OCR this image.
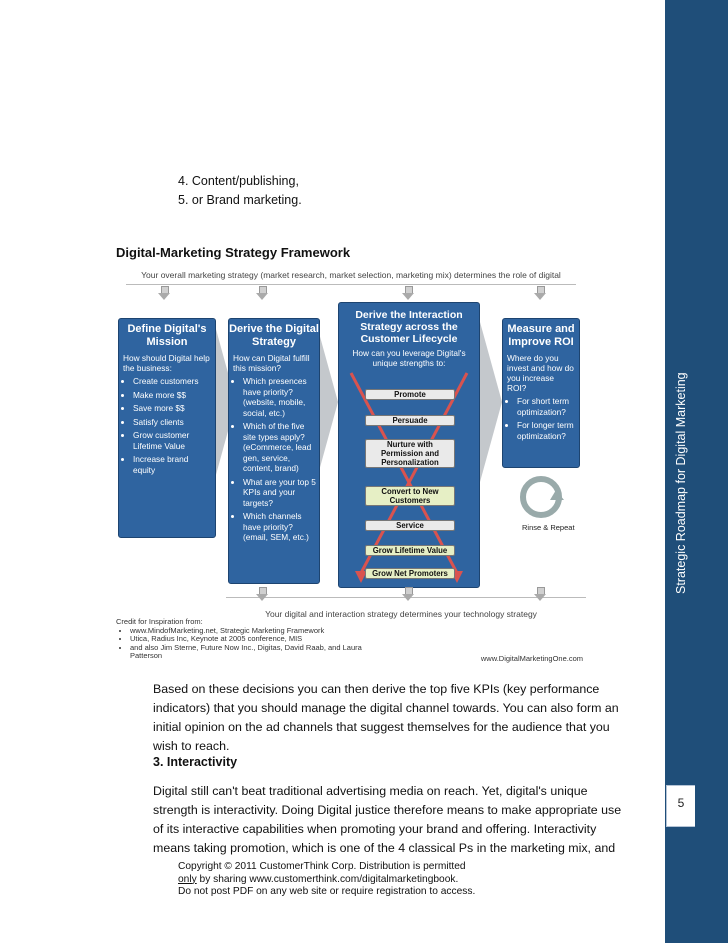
Strategic Roadmap for Digital Marketing
5
4. Content/publishing,
5. or Brand marketing.
Digital-Marketing Strategy Framework
Your overall marketing strategy (market research, market selection, marketing mix) determines the role of digital
Define Digital's Mission
How should Digital help the business:
• Create customers
• Make more $$
• Save more $$
• Satisfy clients
• Grow customer Lifetime Value
• Increase brand equity
Derive the Digital Strategy
How can Digital fulfill this mission?
• Which presences have priority? (website, mobile, social, etc.)
• Which of the five site types apply? (eCommerce, lead gen, service, content, brand)
• What are your top 5 KPIs and your targets?
• Which channels have priority? (email, SEM, etc.)
Derive the Interaction Strategy across the Customer Lifecycle
How can you leverage Digital's unique strengths to:
Promote
Persuade
Nurture with Permission and Personalization
Convert to New Customers
Service
Grow Lifetime Value
Grow Net Promoters
Measure and Improve ROI
Where do you invest and how do you increase ROI?
• For short term optimization?
• For longer term optimization?
Rinse & Repeat
Your digital and interaction strategy determines your technology strategy
Credit for Inspiration from:
• www.MindofMarketing.net, Strategic Marketing Framework
• Utica, Radius Inc, Keynote at 2005 conference, MIS
• and also Jim Sterne, Future Now Inc., Digitas, David Raab, and Laura Patterson	www.DigitalMarketingOne.com
Based on these decisions you can then derive the top five KPIs (key performance
indicators) that you should manage the digital channel towards. You can also form an
initial opinion on the ad channels that suggest themselves for the audience that you
wish to reach.
3. Interactivity
Digital still can't beat traditional advertising media on reach. Yet, digital's unique
strength is interactivity. Doing Digital justice therefore means to make appropriate use
of its interactive capabilities when promoting your brand and offering. Interactivity
means taking promotion, which is one of the 4 classical Ps in the marketing mix, and
Copyright © 2011 CustomerThink Corp. Distribution is permitted
only by sharing www.customerthink.com/digitalmarketingbook.
Do not post PDF on any web site or require registration to access.
